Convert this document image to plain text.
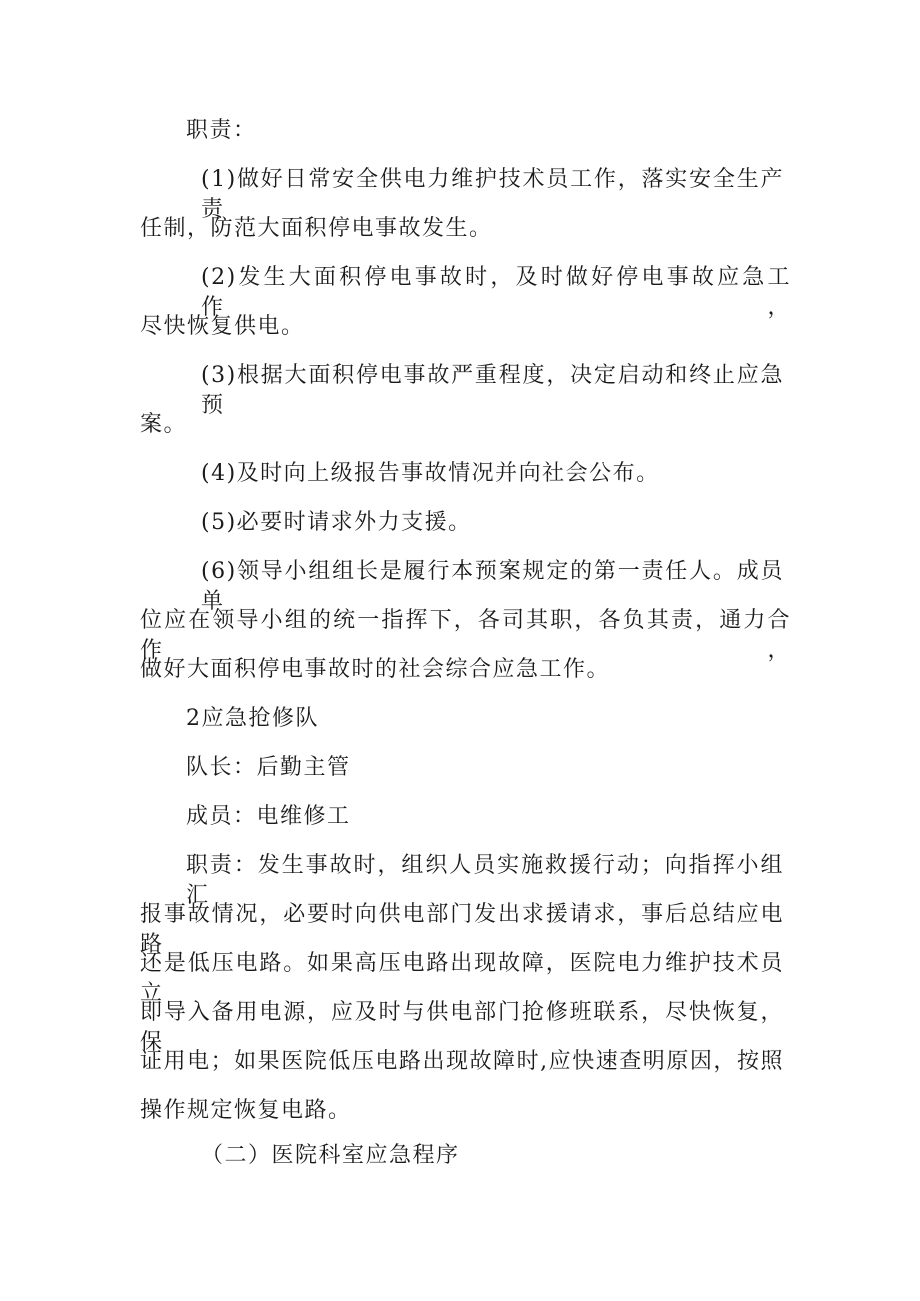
职责：
(1)做好日常安全供电力维护技术员工作，落实安全生产责
任制，防范大面积停电事故发生。
(2)发生大面积停电事故时，及时做好停电事故应急工作，
尽快恢复供电。
(3)根据大面积停电事故严重程度，决定启动和终止应急预
案。
(4)及时向上级报告事故情况并向社会公布。
(5)必要时请求外力支援。
(6)领导小组组长是履行本预案规定的第一责任人。成员单
位应在领导小组的统一指挥下，各司其职，各负其责，通力合作，
做好大面积停电事故时的社会综合应急工作。
2应急抢修队
队长：后勤主管
成员：电维修工
职责：发生事故时，组织人员实施救援行动；向指挥小组汇
报事故情况，必要时向供电部门发出求援请求，事后总结应电路
还是低压电路。如果高压电路出现故障，医院电力维护技术员立
即导入备用电源，应及时与供电部门抢修班联系，尽快恢复，保
证用电；如果医院低压电路出现故障时,应快速查明原因，按照
操作规定恢复电路。
（二）医院科室应急程序
